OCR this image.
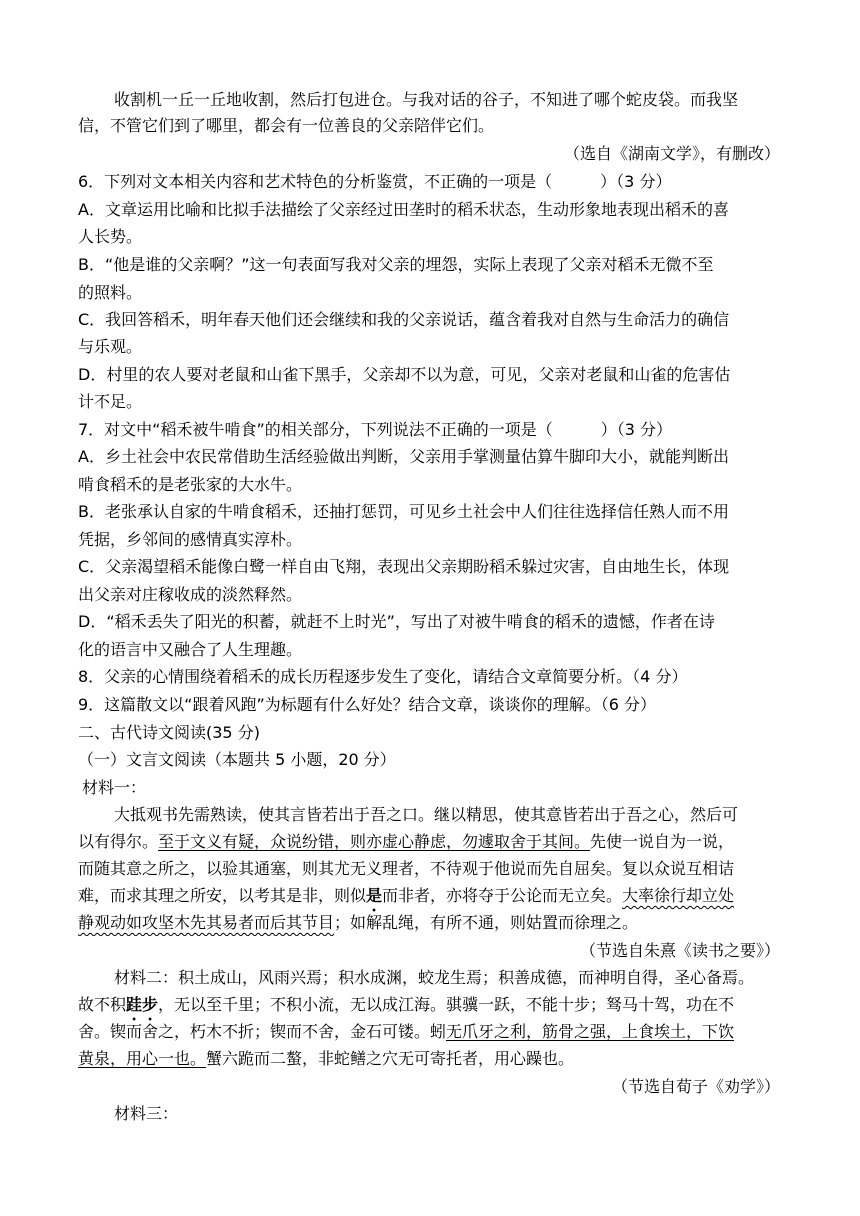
收割机一丘一丘地收割，然后打包进仓。与我对话的谷子，不知进了哪个蛇皮袋。而我坚
信，不管它们到了哪里，都会有一位善良的父亲陪伴它们。
（选自《湖南文学》，有删改）
6．下列对文本相关内容和艺术特色的分析鉴赏，不正确的一项是（　　　）（3 分）
A．文章运用比喻和比拟手法描绘了父亲经过田垄时的稻禾状态，生动形象地表现出稻禾的喜
人长势。
B．“他是谁的父亲啊？”这一句表面写我对父亲的埋怨，实际上表现了父亲对稻禾无微不至
的照料。
C．我回答稻禾，明年春天他们还会继续和我的父亲说话，蕴含着我对自然与生命活力的确信
与乐观。
D．村里的农人要对老鼠和山雀下黑手，父亲却不以为意，可见，父亲对老鼠和山雀的危害估
计不足。
7．对文中“稻禾被牛啃食”的相关部分，下列说法不正确的一项是（　　　）（3 分）
A．乡土社会中农民常借助生活经验做出判断，父亲用手掌测量估算牛脚印大小，就能判断出
啃食稻禾的是老张家的大水牛。
B．老张承认自家的牛啃食稻禾，还抽打惩罚，可见乡土社会中人们往往选择信任熟人而不用
凭据，乡邻间的感情真实淳朴。
C．父亲渴望稻禾能像白鹭一样自由飞翔，表现出父亲期盼稻禾躲过灾害，自由地生长，体现
出父亲对庄稼收成的淡然释然。
D．“稻禾丢失了阳光的积蓄，就赶不上时光”，写出了对被牛啃食的稻禾的遗憾，作者在诗
化的语言中又融合了人生理趣。
8．父亲的心情围绕着稻禾的成长历程逐步发生了变化，请结合文章简要分析。（4 分）
9．这篇散文以“跟着风跑”为标题有什么好处？结合文章，谈谈你的理解。（6 分）
二、古代诗文阅读(35 分)
（一）文言文阅读（本题共 5 小题，20 分）
材料一：
大抵观书先需熟读，使其言皆若出于吾之口。继以精思，使其意皆若出于吾之心，然后可
以有得尔。至于文义有疑，众说纷错，则亦虚心静虑，勿遽取舍于其间。先使一说自为一说，
而随其意之所之，以验其通塞，则其尤无义理者，不待观于他说而先自屈矣。复以众说互相诘
难，而求其理之所安，以考其是非，则似是而非者，亦将夺于公论而无立矣。大率徐行却立处
静观动如攻坚木先其易者而后其节目；如解乱绳，有所不通，则姑置而徐理之。
（节选自朱熹《读书之要》）
材料二：积土成山，风雨兴焉；积水成渊，蛟龙生焉；积善成德，而神明自得，圣心备焉。
故不积跬步，无以至千里；不积小流，无以成江海。骐骥一跃，不能十步；驽马十驾，功在不
舍。锲而舍之，朽木不折；锲而不舍，金石可镂。蚓无爪牙之利，筋骨之强，上食埃土，下饮
黄泉，用心一也。蟹六跪而二螯，非蛇鳝之穴无可寄托者，用心躁也。
（节选自荀子《劝学》）
材料三：
